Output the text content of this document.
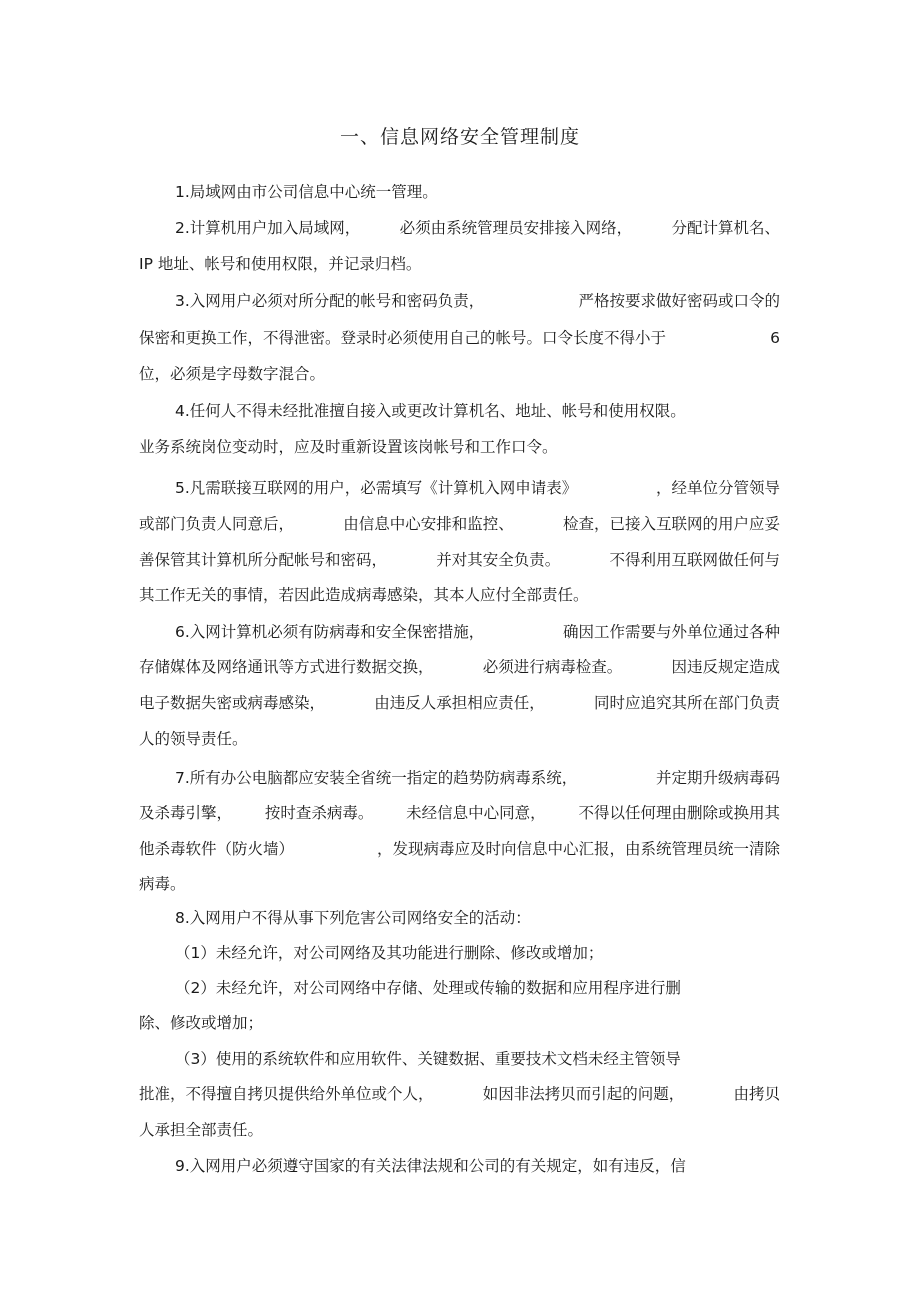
一、信息网络安全管理制度
1.局域网由市公司信息中心统一管理。
2.计算机用户加入局域网，	必须由系统管理员安排接入网络，	分配计算机名、
IP 地址、帐号和使用权限，并记录归档。
3.入网用户必须对所分配的帐号和密码负责，	严格按要求做好密码或口令的
保密和更换工作，不得泄密。登录时必须使用自己的帐号。口令长度不得小于	6
位，必须是字母数字混合。
4.任何人不得未经批准擅自接入或更改计算机名、地址、帐号和使用权限。
业务系统岗位变动时，应及时重新设置该岗帐号和工作口令。
5.凡需联接互联网的用户，必需填写《计算机入网申请表》	，经单位分管领导
或部门负责人同意后，	由信息中心安排和监控、	检查，已接入互联网的用户应妥
善保管其计算机所分配帐号和密码，	并对其安全负责。	不得利用互联网做任何与
其工作无关的事情，若因此造成病毒感染，其本人应付全部责任。
6.入网计算机必须有防病毒和安全保密措施，	确因工作需要与外单位通过各种
存储媒体及网络通讯等方式进行数据交换，	必须进行病毒检查。	因违反规定造成
电子数据失密或病毒感染，	由违反人承担相应责任，	同时应追究其所在部门负责
人的领导责任。
7.所有办公电脑都应安装全省统一指定的趋势防病毒系统，	并定期升级病毒码
及杀毒引擎， 按时查杀病毒。 未经信息中心同意， 不得以任何理由删除或换用其
他杀毒软件（防火墙）	，发现病毒应及时向信息中心汇报，由系统管理员统一清除
病毒。
8.入网用户不得从事下列危害公司网络安全的活动：
（1）未经允许，对公司网络及其功能进行删除、修改或增加；
（2）未经允许，对公司网络中存储、处理或传输的数据和应用程序进行删
除、修改或增加；
（3）使用的系统软件和应用软件、关键数据、重要技术文档未经主管领导
批准，不得擅自拷贝提供给外单位或个人，	如因非法拷贝而引起的问题，	由拷贝
人承担全部责任。
9.入网用户必须遵守国家的有关法律法规和公司的有关规定，如有违反，信
